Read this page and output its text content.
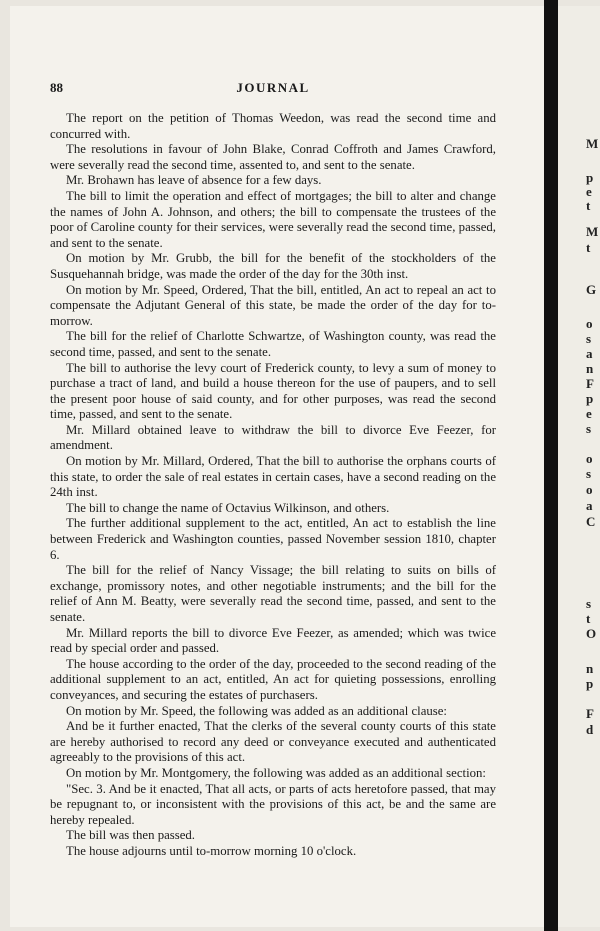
88	JOURNAL

The report on the petition of Thomas Weedon, was read the second time and concurred with.

The resolutions in favour of John Blake, Conrad Coffroth and James Crawford, were severally read the second time, assented to, and sent to the senate.

Mr. Brohawn has leave of absence for a few days.

The bill to limit the operation and effect of mortgages; the bill to alter and change the names of John A. Johnson, and others; the bill to compensate the trustees of the poor of Caroline county for their services, were severally read the second time, passed, and sent to the senate.

On motion by Mr. Grubb, the bill for the benefit of the stockholders of the Susquehannah bridge, was made the order of the day for the 30th inst.

On motion by Mr. Speed, Ordered, That the bill, entitled, An act to repeal an act to compensate the Adjutant General of this state, be made the order of the day for to-morrow.

The bill for the relief of Charlotte Schwartze, of Washington county, was read the second time, passed, and sent to the senate.

The bill to authorise the levy court of Frederick county, to levy a sum of money to purchase a tract of land, and build a house thereon for the use of paupers, and to sell the present poor house of said county, and for other purposes, was read the second time, passed, and sent to the senate.

Mr. Millard obtained leave to withdraw the bill to divorce Eve Feezer, for amendment.

On motion by Mr. Millard, Ordered, That the bill to authorise the orphans courts of this state, to order the sale of real estates in certain cases, have a second reading on the 24th inst.

The bill to change the name of Octavius Wilkinson, and others.

The further additional supplement to the act, entitled, An act to establish the line between Frederick and Washington counties, passed November session 1810, chapter 6.

The bill for the relief of Nancy Vissage; the bill relating to suits on bills of exchange, promissory notes, and other negotiable instruments; and the bill for the relief of Ann M. Beatty, were severally read the second time, passed, and sent to the senate.

Mr. Millard reports the bill to divorce Eve Feezer, as amended; which was twice read by special order and passed.

The house according to the order of the day, proceeded to the second reading of the additional supplement to an act, entitled, An act for quieting possessions, enrolling conveyances, and securing the estates of purchasers.

On motion by Mr. Speed, the following was added as an additional clause:

And be it further enacted, That the clerks of the several county courts of this state are hereby authorised to record any deed or conveyance executed and authenticated agreeably to the provisions of this act.

On motion by Mr. Montgomery, the following was added as an additional section:

"Sec. 3. And be it enacted, That all acts, or parts of acts heretofore passed, that may be repugnant to, or inconsistent with the provisions of this act, be and the same are hereby repealed.

The bill was then passed.

The house adjourns until to-morrow morning 10 o'clock.

M
p
e
t
M
t
G
o
s
a
n
F
p
e
s
o
s
o
a
C
s
t
O
n
p
F
d
